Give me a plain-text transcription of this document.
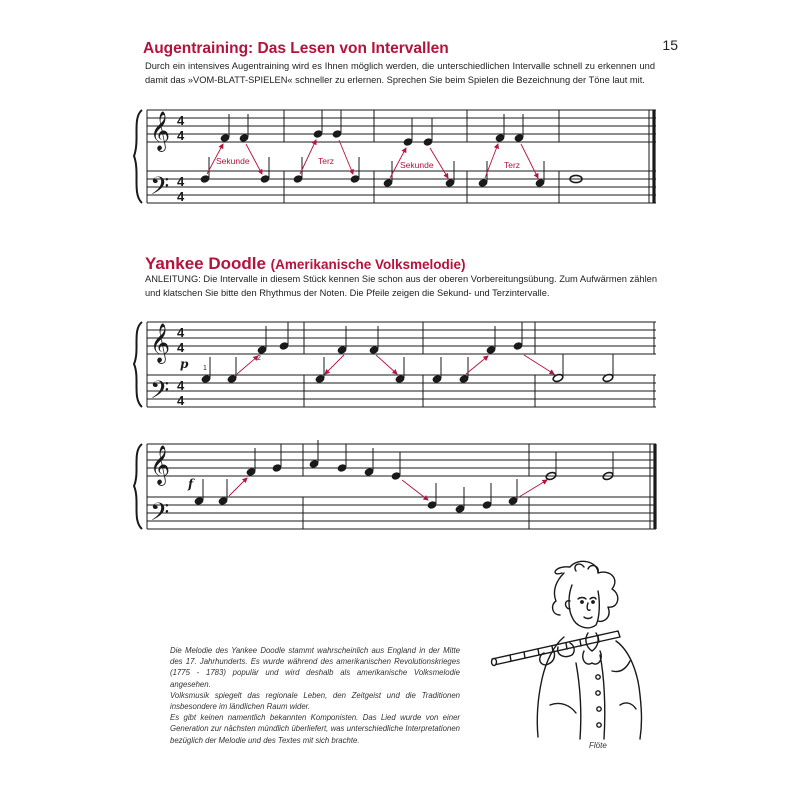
15
Augentraining: Das Lesen von Intervallen
Durch ein intensives Augentraining wird es Ihnen möglich werden, die unterschiedlichen Intervalle schnell zu erkennen und damit das »VOM-BLATT-SPIELEN« schneller zu erlernen. Sprechen Sie beim Spielen die Bezeichnung der Töne laut mit.
Yankee Doodle (Amerikanische Volksmelodie)
ANLEITUNG: Die Intervalle in diesem Stück kennen Sie schon aus der oberen Vorbereitungsübung. Zum Aufwärmen zählen und klatschen Sie bitte den Rhythmus der Noten. Die Pfeile zeigen die Sekund- und Terzintervalle.
𝄞
𝄢
4
4
4
4
Sekunde	Terz	Sekunde	Terz
𝄞
𝄢
4
4
4
4
p 1
2
𝄞
𝄢
f

Die Melodie des Yankee Doodle stammt wahrscheinlich aus England in der Mitte des 17. Jahrhunderts. Es wurde während des amerikanischen Revolutionskrieges (1775 - 1783) populär und wird deshalb als amerikanische Volksmelodie angesehen.

Volksmusik spiegelt das regionale Leben, den Zeitgeist und die Traditionen insbesondere im ländlichen Raum wider.

Es gibt keinen namentlich bekannten Komponisten. Das Lied wurde von einer Generation zur nächsten mündlich überliefert, was unterschiedliche Interpretationen bezüglich der Melodie und des Textes mit sich brachte.

Flöte
